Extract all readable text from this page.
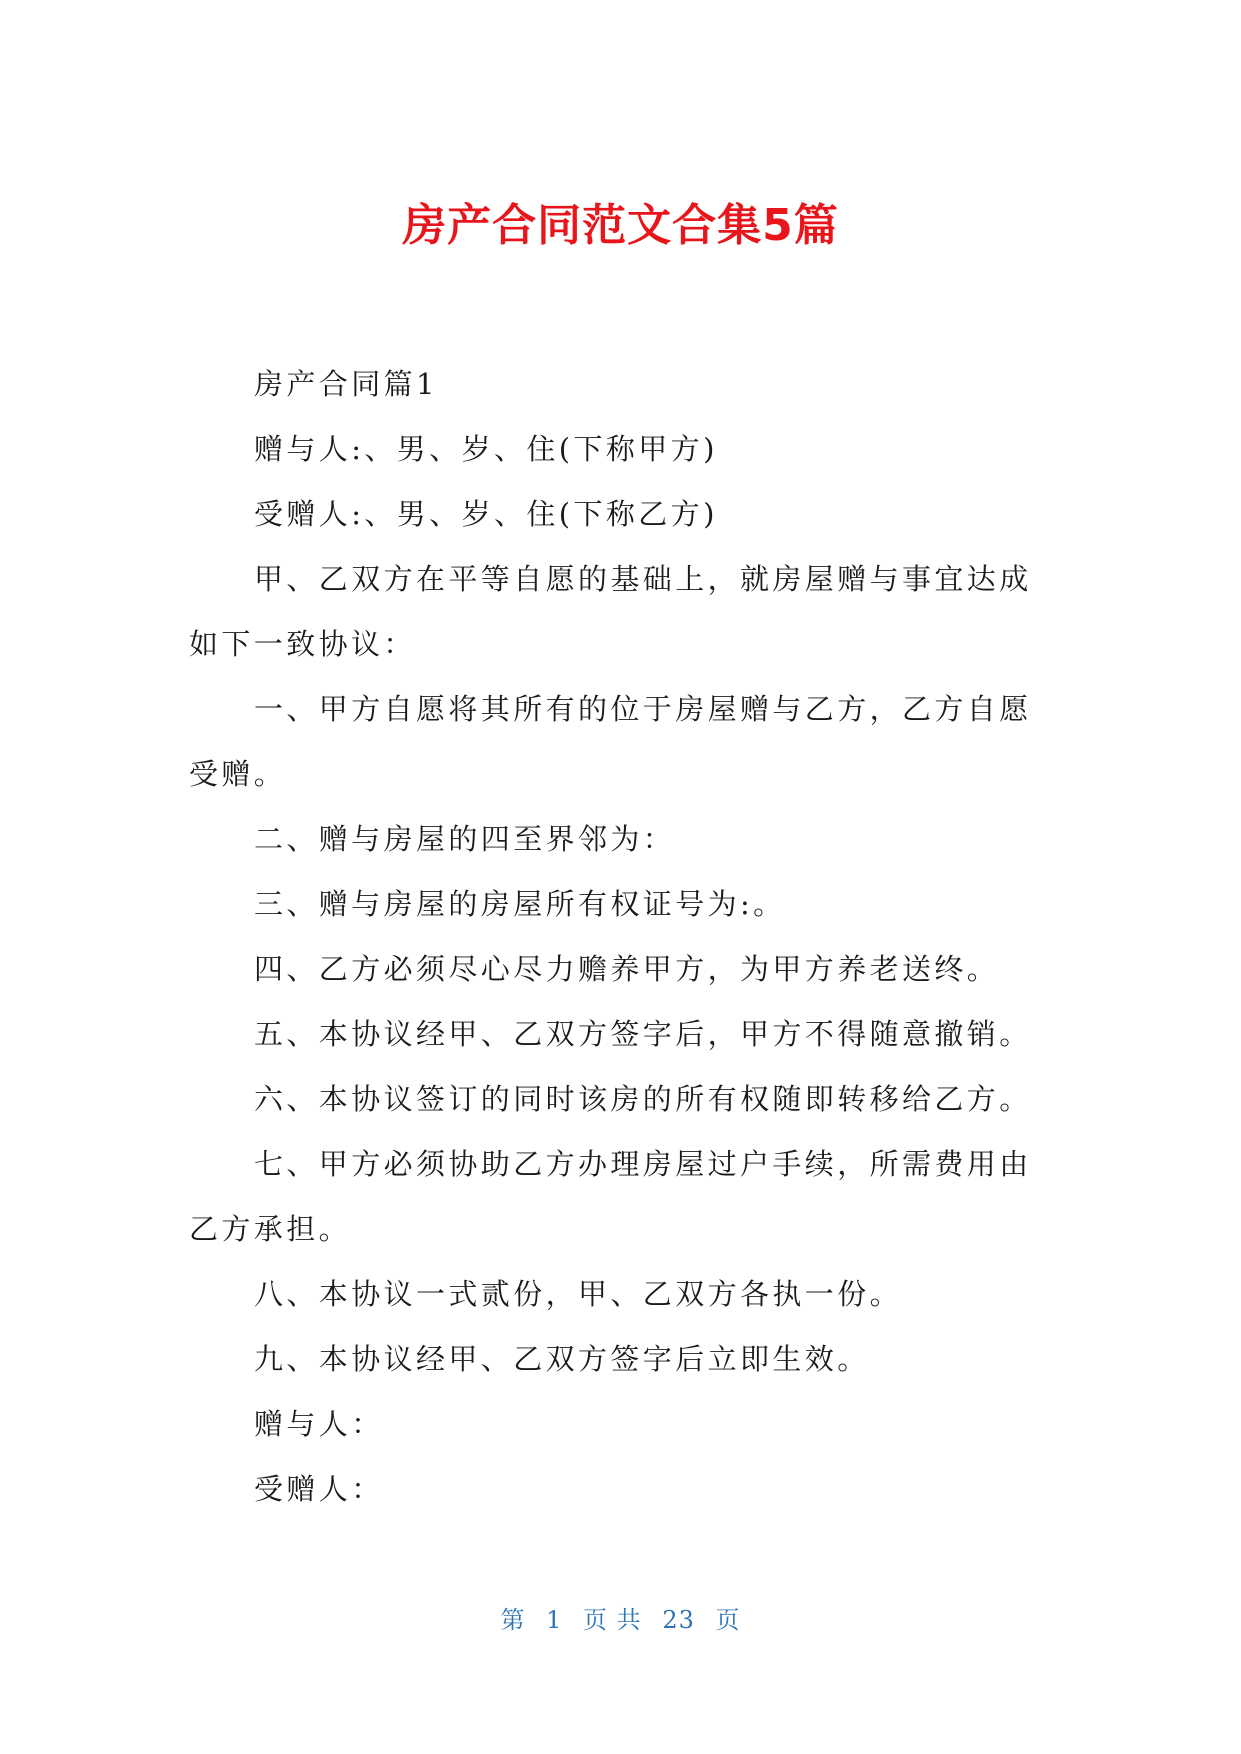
房产合同范文合集5篇

房产合同篇1

赠与人:、男、岁、住(下称甲方)

受赠人:、男、岁、住(下称乙方)

甲、乙双方在平等自愿的基础上，就房屋赠与事宜达成如下一致协议：

一、甲方自愿将其所有的位于房屋赠与乙方，乙方自愿受赠。

二、赠与房屋的四至界邻为：

三、赠与房屋的房屋所有权证号为:。

四、乙方必须尽心尽力赡养甲方，为甲方养老送终。

五、本协议经甲、乙双方签字后，甲方不得随意撤销。

六、本协议签订的同时该房的所有权随即转移给乙方。

七、甲方必须协助乙方办理房屋过户手续，所需费用由乙方承担。

八、本协议一式贰份，甲、乙双方各执一份。

九、本协议经甲、乙双方签字后立即生效。

赠与人：

受赠人：

第 1 页 共 23 页
